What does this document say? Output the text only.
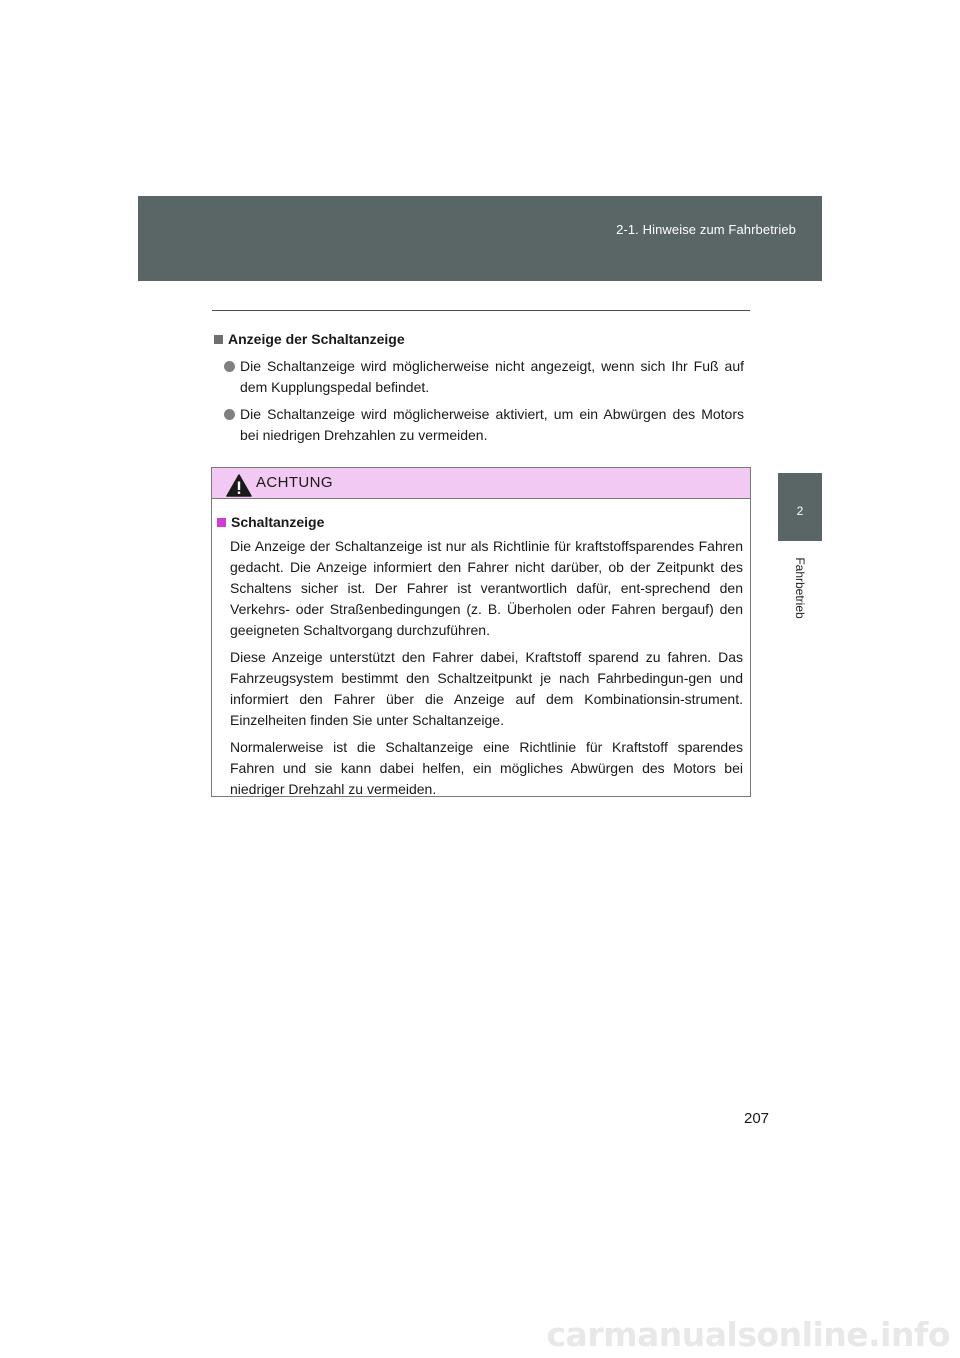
2-1. Hinweise zum Fahrbetrieb
2
Fahrbetrieb
Anzeige der Schaltanzeige
Die Schaltanzeige wird möglicherweise nicht angezeigt, wenn sich Ihr Fuß auf dem Kupplungspedal befindet.
Die Schaltanzeige wird möglicherweise aktiviert, um ein Abwürgen des Motors bei niedrigen Drehzahlen zu vermeiden.
ACHTUNG
Schaltanzeige
Die Anzeige der Schaltanzeige ist nur als Richtlinie für kraftstoffsparendes Fahren gedacht. Die Anzeige informiert den Fahrer nicht darüber, ob der Zeitpunkt des Schaltens sicher ist. Der Fahrer ist verantwortlich dafür, ent-sprechend den Verkehrs- oder Straßenbedingungen (z. B. Überholen oder Fahren bergauf) den geeigneten Schaltvorgang durchzuführen.
Diese Anzeige unterstützt den Fahrer dabei, Kraftstoff sparend zu fahren. Das Fahrzeugsystem bestimmt den Schaltzeitpunkt je nach Fahrbedingun-gen und informiert den Fahrer über die Anzeige auf dem Kombinationsin-strument. Einzelheiten finden Sie unter Schaltanzeige.
Normalerweise ist die Schaltanzeige eine Richtlinie für Kraftstoff sparendes Fahren und sie kann dabei helfen, ein mögliches Abwürgen des Motors bei niedriger Drehzahl zu vermeiden.
207
carmanualsonline.info
